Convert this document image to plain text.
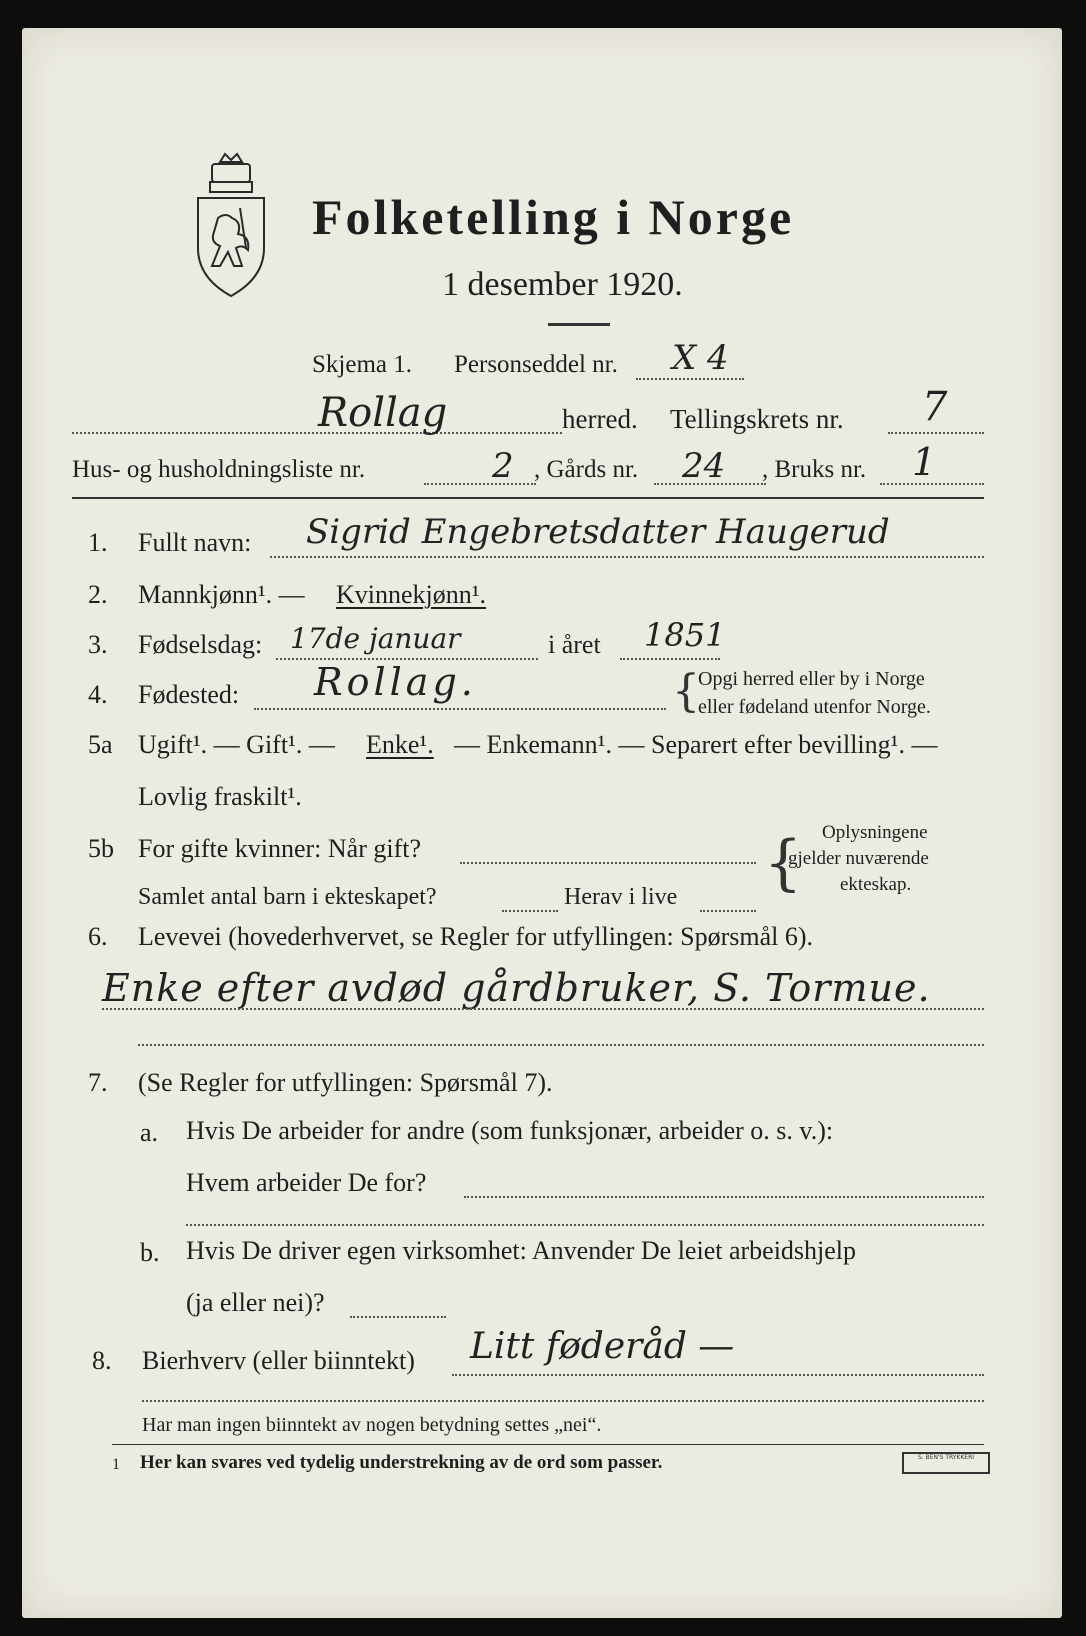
Folketelling i Norge
1 desember 1920.
Skjema 1. Personseddel nr. X 4
Rollag	herred. Tellingskrets nr. 7
Hus- og husholdningsliste nr.	2 , Gårds nr. 24 , Bruks nr. 1
1. Fullt navn: Sigrid Engebretsdatter Haugerud
2. Mannkjønn¹. — Kvinnekjønn¹.
3. Fødselsdag: 17de januar	i året 1851
4. Fødested: Rollag.	{
Opgi herred eller by i Norge
eller fødeland utenfor Norge.
5a Ugift¹. — Gift¹. — Enke¹. — Enkemann¹. — Separert efter bevilling¹. —
Lovlig fraskilt¹.
5b For gifte kvinner: Når gift?
Samlet antal barn i ekteskapet?	Herav i live { Oplysningene
gjelder nuværende
ekteskap.
6. Levevei (hovederhvervet, se Regler for utfyllingen: Spørsmål 6).
Enke efter avdød gårdbruker, S. Tormue.
7. (Se Regler for utfyllingen: Spørsmål 7).
a. Hvis De arbeider for andre (som funksjonær, arbeider o. s. v.):
Hvem arbeider De for?
b. Hvis De driver egen virksomhet: Anvender De leiet arbeidshjelp
(ja eller nei)?
8. Bierhverv (eller biinntekt) Litt føderåd —
Har man ingen biinntekt av nogen betydning settes „nei“.
1 Her kan svares ved tydelig understrekning av de ord som passer.	S. BEN'S TRYKKERI
